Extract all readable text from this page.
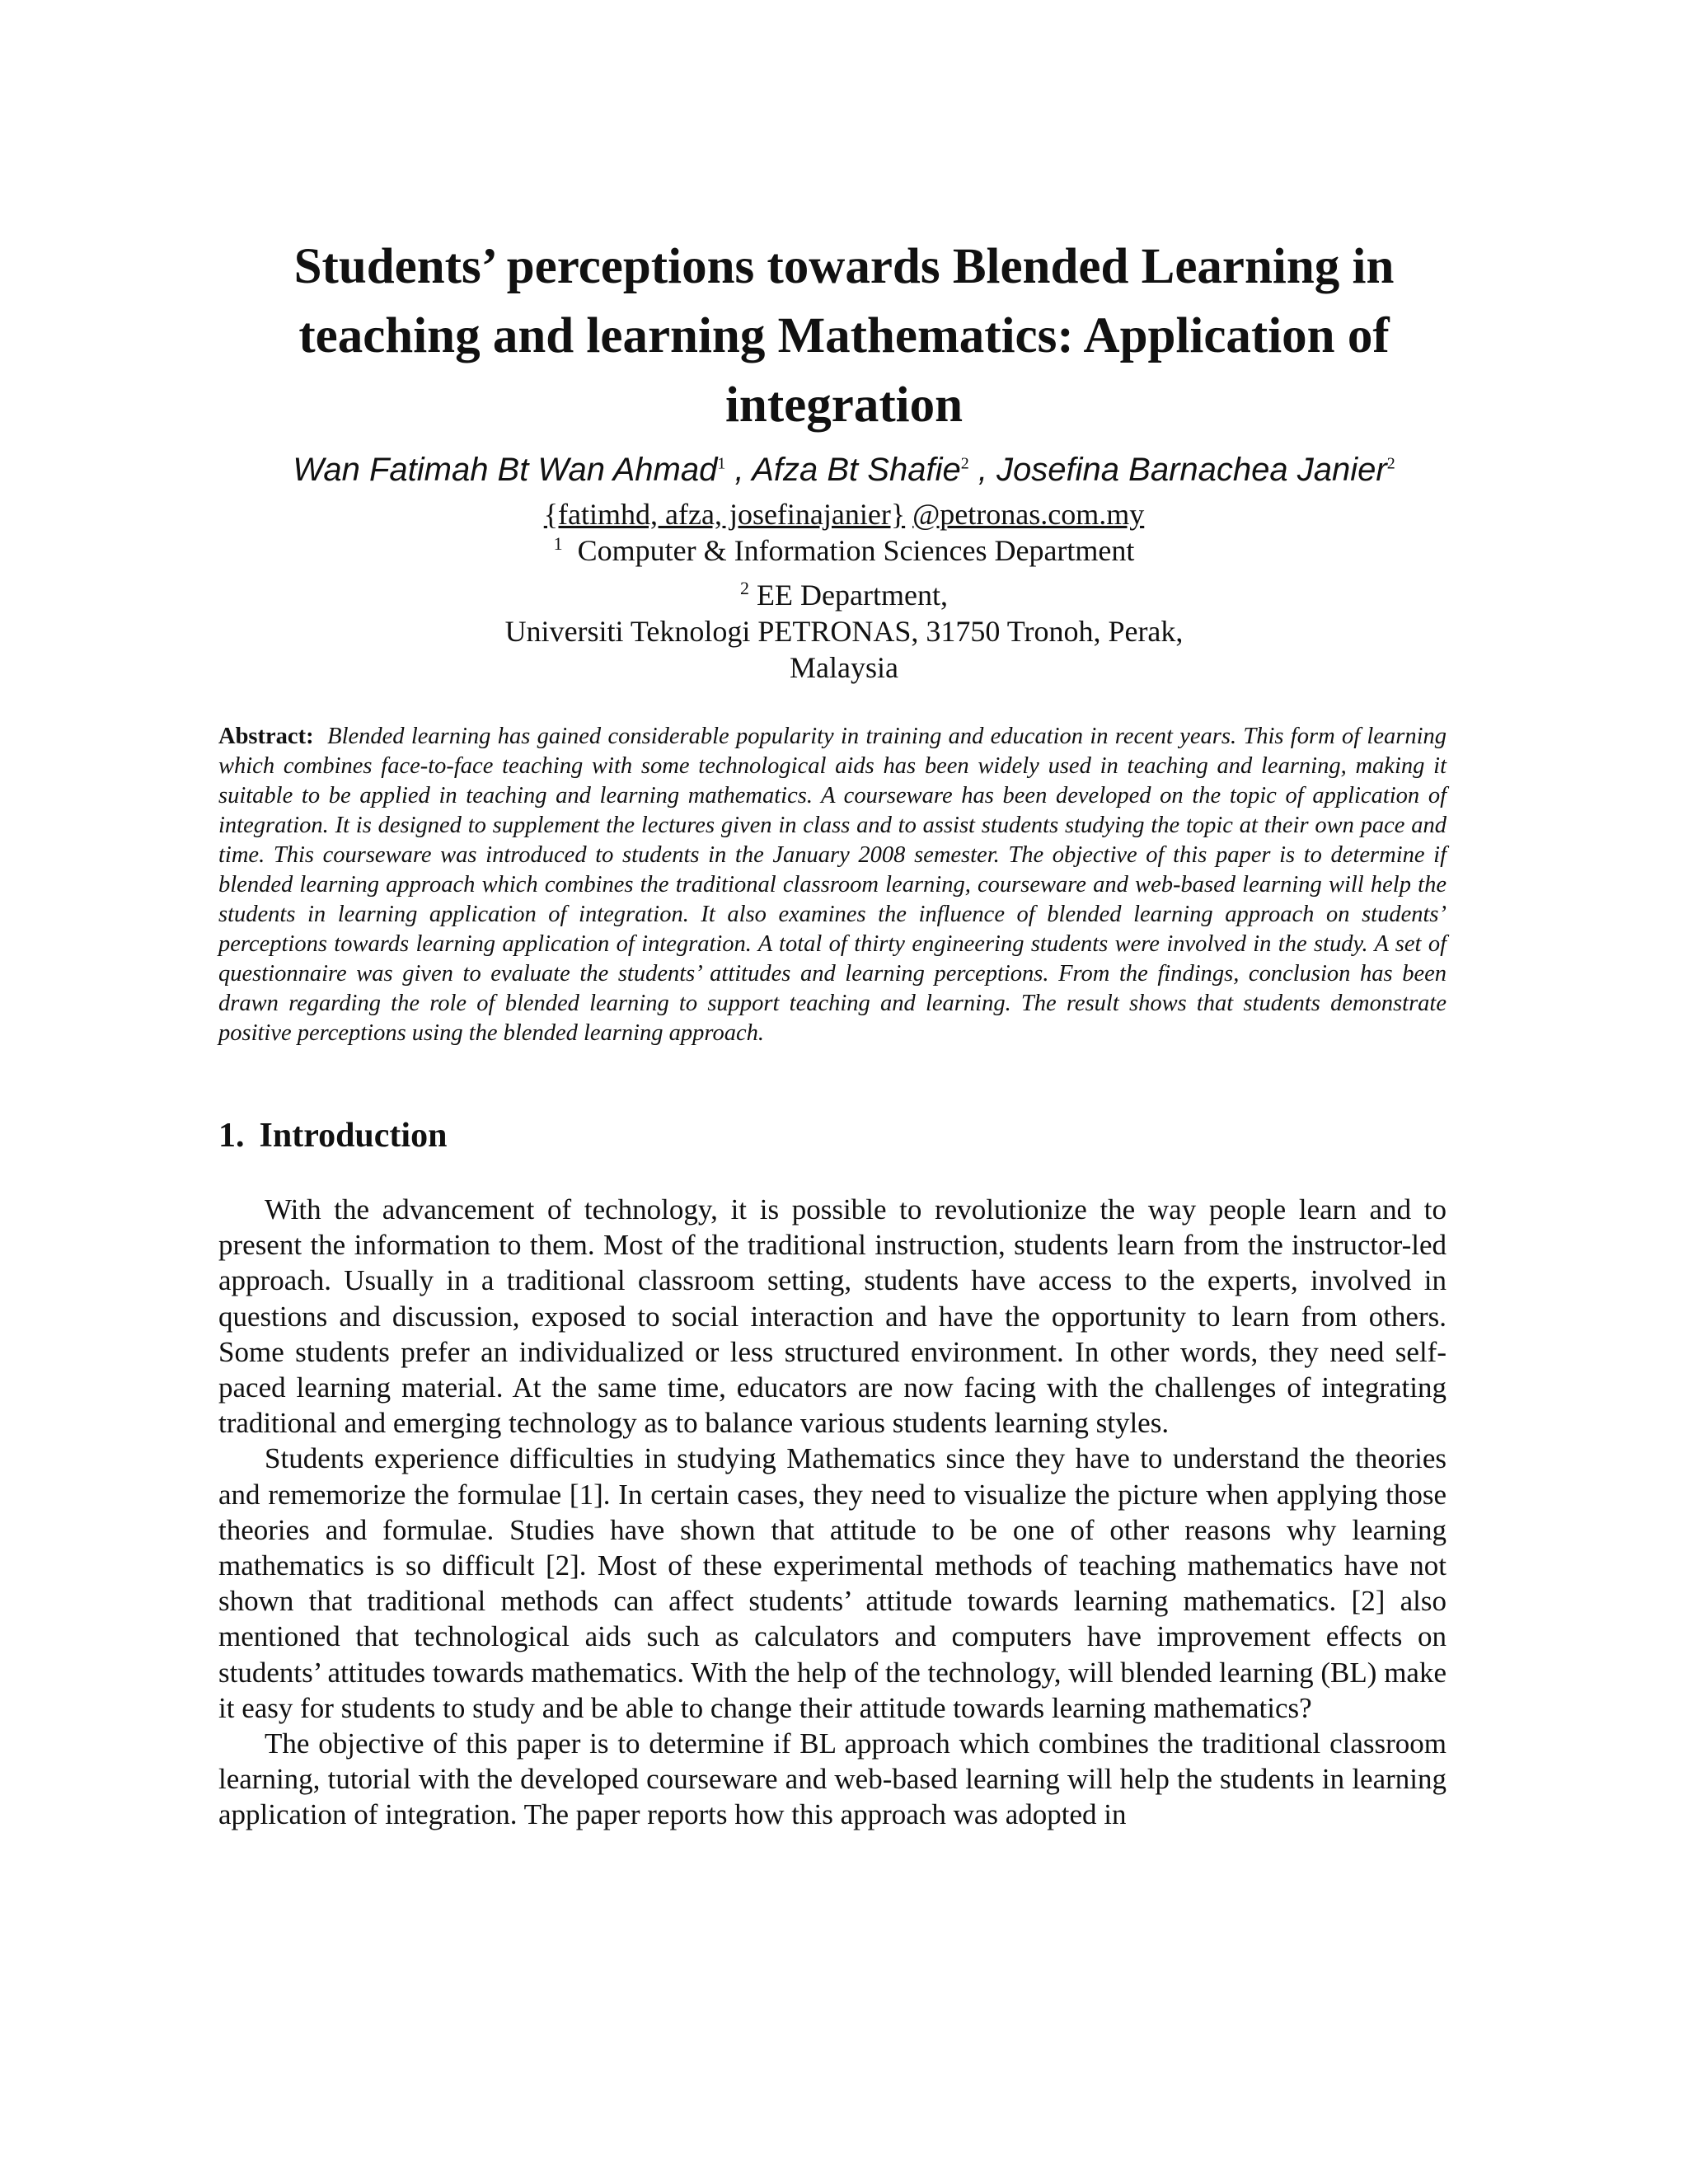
Students’ perceptions towards Blended Learning in
teaching and learning Mathematics: Application of
integration
Wan Fatimah Bt Wan Ahmad$^1$ , Afza Bt Shafie$^2$ , Josefina Barnachea Janier$^2$
{fatimhd, afza, josefinajanier} @petronas.com.my
$^1$ Computer & Information Sciences Department
$^2$ EE Department,
Universiti Teknologi PETRONAS, 31750 Tronoh, Perak,
Malaysia

Abstract: Blended learning has gained considerable popularity in training and education in recent years. This form of learning which combines face-to-face teaching with some technological aids has been widely used in teaching and learning, making it suitable to be applied in teaching and learning mathematics. A courseware has been developed on the topic of application of integration. It is designed to supplement the lectures given in class and to assist students studying the topic at their own pace and time. This courseware was introduced to students in the January 2008 semester. The objective of this paper is to determine if blended learning approach which combines the traditional classroom learning, courseware and web-based learning will help the students in learning application of integration. It also examines the influence of blended learning approach on students’ perceptions towards learning application of integration. A total of thirty engineering students were involved in the study. A set of questionnaire was given to evaluate the students’ attitudes and learning perceptions. From the findings, conclusion has been drawn regarding the role of blended learning to support teaching and learning. The result shows that students demonstrate positive perceptions using the blended learning approach.

1. Introduction

With the advancement of technology, it is possible to revolutionize the way people learn and to present the information to them. Most of the traditional instruction, students learn from the instructor-led approach. Usually in a traditional classroom setting, students have access to the experts, involved in questions and discussion, exposed to social interaction and have the opportunity to learn from others. Some students prefer an individualized or less structured environment. In other words, they need self-paced learning material. At the same time, educators are now facing with the challenges of integrating traditional and emerging technology as to balance various students learning styles.

Students experience difficulties in studying Mathematics since they have to understand the theories and rememorize the formulae [1]. In certain cases, they need to visualize the picture when applying those theories and formulae. Studies have shown that attitude to be one of other reasons why learning mathematics is so difficult [2]. Most of these experimental methods of teaching mathematics have not shown that traditional methods can affect students’ attitude towards learning mathematics. [2] also mentioned that technological aids such as calculators and computers have improvement effects on students’ attitudes towards mathematics. With the help of the technology, will blended learning (BL) make it easy for students to study and be able to change their attitude towards learning mathematics?

The objective of this paper is to determine if BL approach which combines the traditional classroom learning, tutorial with the developed courseware and web-based learning will help the students in learning application of integration. The paper reports how this approach was adopted in
